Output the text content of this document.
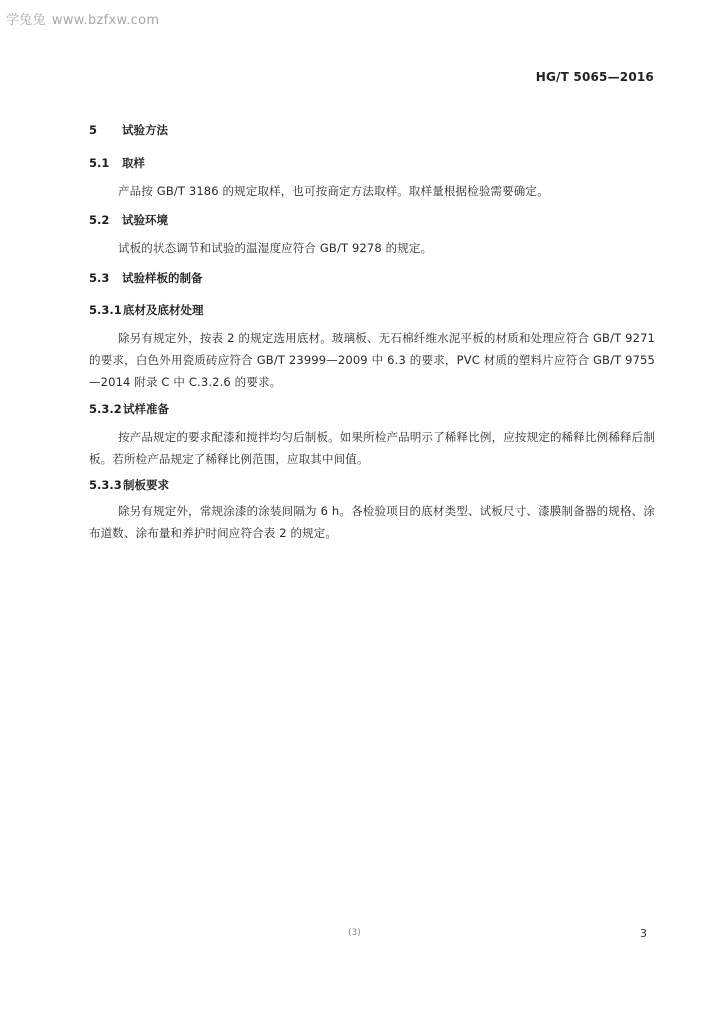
学兔兔 www.bzfxw.com
HG/T 5065—2016
5 试验方法
5.1 取样
产品按 GB/T 3186 的规定取样，也可按商定方法取样。取样量根据检验需要确定。
5.2 试验环境
试板的状态调节和试验的温湿度应符合 GB/T 9278 的规定。
5.3 试验样板的制备
5.3.1底材及底材处理
除另有规定外，按表 2 的规定选用底材。玻璃板、无石棉纤维水泥平板的材质和处理应符合 GB/T 9271 的要求，白色外用瓷质砖应符合 GB/T 23999—2009 中 6.3 的要求，PVC 材质的塑料片应符合 GB/T 9755—2014 附录 C 中 C.3.2.6 的要求。
5.3.2试样准备
按产品规定的要求配漆和搅拌均匀后制板。如果所检产品明示了稀释比例，应按规定的稀释比例稀释后制板。若所检产品规定了稀释比例范围，应取其中间值。
5.3.3制板要求
除另有规定外，常规涂漆的涂装间隔为 6 h。各检验项目的底材类型、试板尺寸、漆膜制备器的规格、涂布道数、涂布量和养护时间应符合表 2 的规定。
(3)	3
